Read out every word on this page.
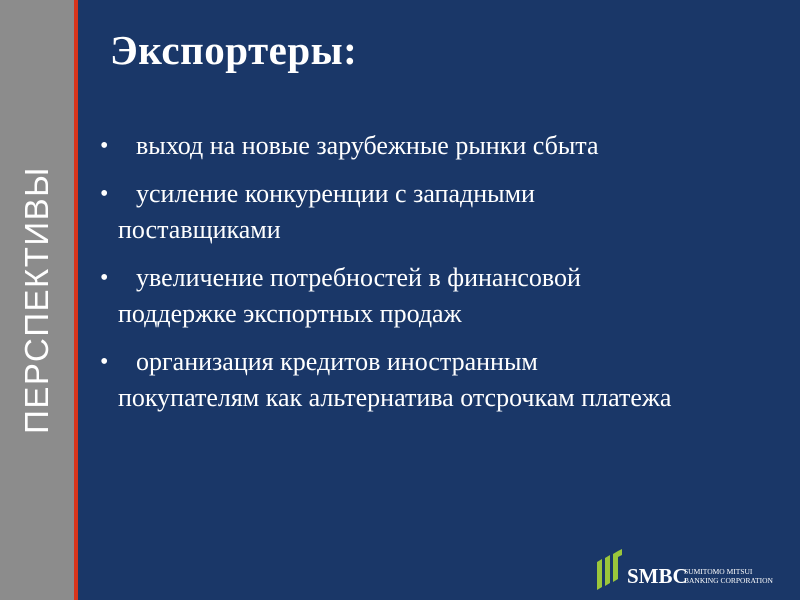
ПЕРСПЕКТИВЫ
Экспортеры:
•	выход на новые зарубежные рынки сбыта
•	усиление конкуренции с западными
поставщиками
•	увеличение потребностей в финансовой
поддержке экспортных продаж
•	организация кредитов иностранным
покупателям как альтернатива отсрочкам платежа
SMBC
SUMITOMO MITSUI
BANKING CORPORATION
